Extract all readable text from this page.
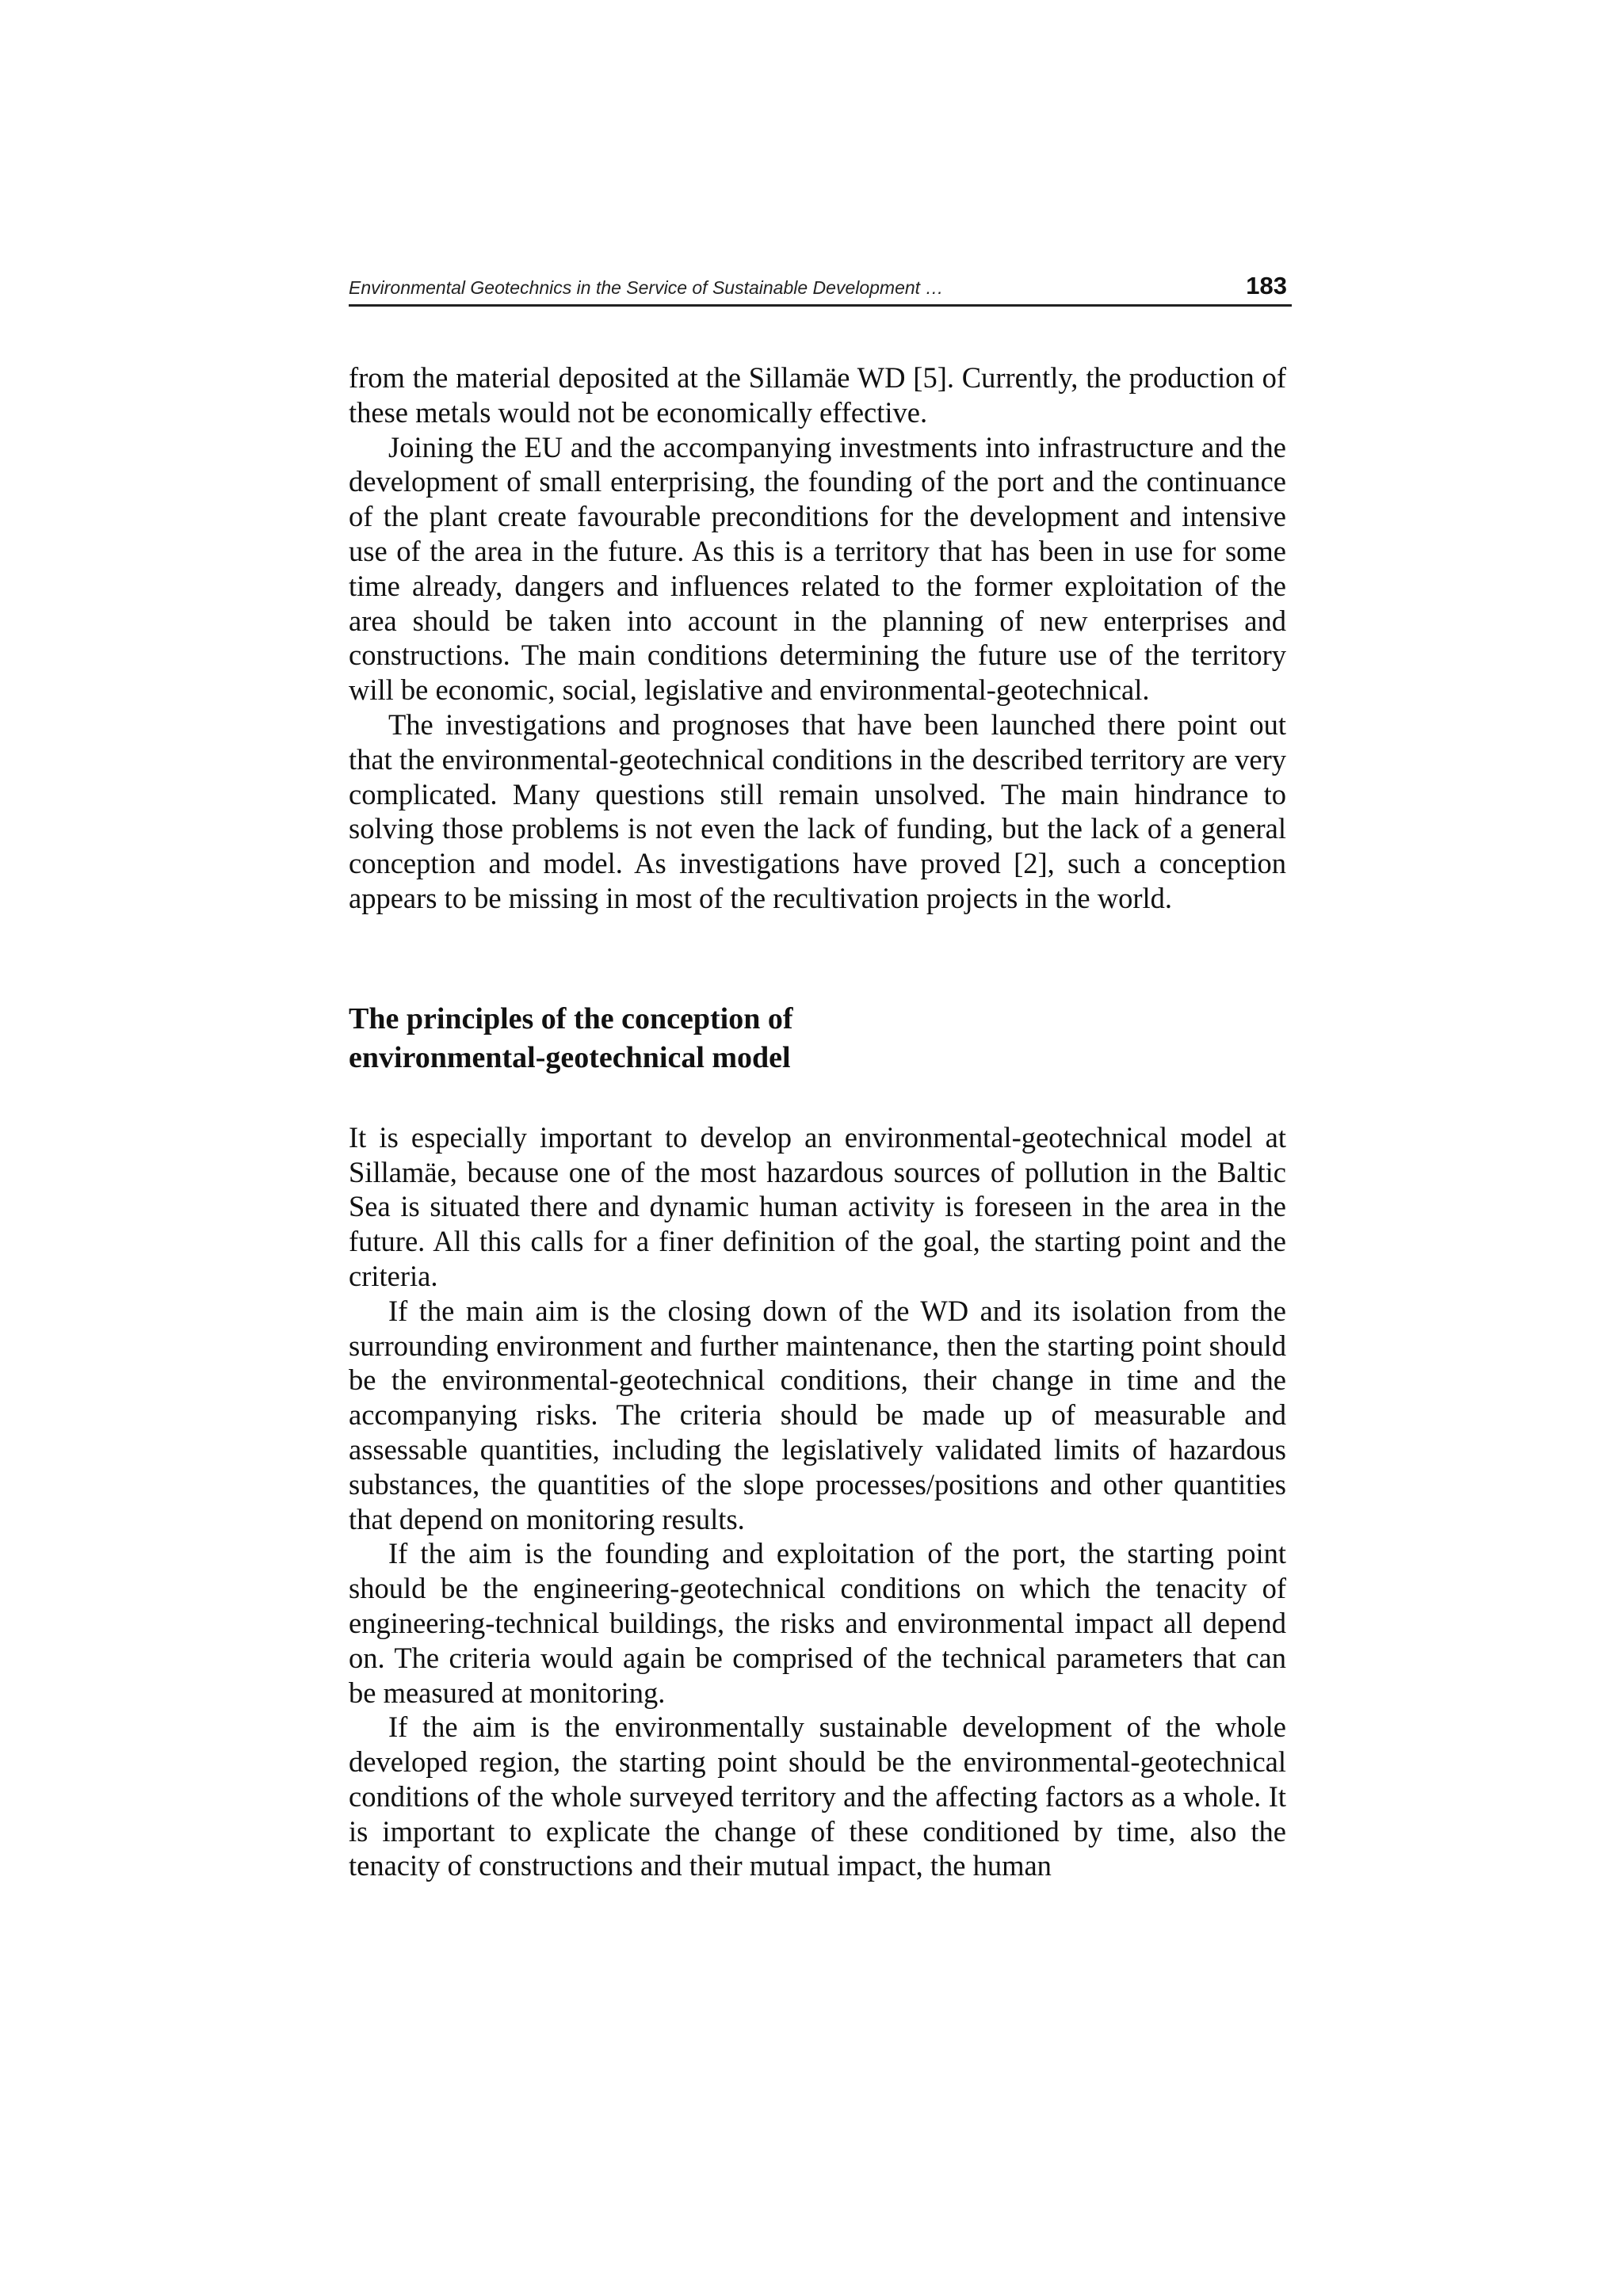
Environmental Geotechnics in the Service of Sustainable Development …	183

from the material deposited at the Sillamäe WD [5]. Currently, the production of these metals would not be economically effective.

Joining the EU and the accompanying investments into infrastructure and the development of small enterprising, the founding of the port and the continuance of the plant create favourable preconditions for the development and intensive use of the area in the future. As this is a territory that has been in use for some time already, dangers and influences related to the former exploitation of the area should be taken into account in the planning of new enterprises and constructions. The main conditions determining the future use of the territory will be economic, social, legislative and environmental-geotechnical.

The investigations and prognoses that have been launched there point out that the environmental-geotechnical conditions in the described territory are very complicated. Many questions still remain unsolved. The main hindrance to solving those problems is not even the lack of funding, but the lack of a general conception and model. As investigations have proved [2], such a conception appears to be missing in most of the recultivation projects in the world.

The principles of the conception of environmental-geotechnical model

It is especially important to develop an environmental-geotechnical model at Sillamäe, because one of the most hazardous sources of pollution in the Baltic Sea is situated there and dynamic human activity is foreseen in the area in the future. All this calls for a finer definition of the goal, the starting point and the criteria.

If the main aim is the closing down of the WD and its isolation from the surrounding environment and further maintenance, then the starting point should be the environmental-geotechnical conditions, their change in time and the accompanying risks. The criteria should be made up of measurable and assessable quantities, including the legislatively validated limits of hazardous substances, the quantities of the slope processes/positions and other quantities that depend on monitoring results.

If the aim is the founding and exploitation of the port, the starting point should be the engineering-geotechnical conditions on which the tenacity of engineering-technical buildings, the risks and environmental impact all depend on. The criteria would again be comprised of the technical parameters that can be measured at monitoring.

If the aim is the environmentally sustainable development of the whole developed region, the starting point should be the environmental-geotechnical conditions of the whole surveyed territory and the affecting factors as a whole. It is important to explicate the change of these conditioned by time, also the tenacity of constructions and their mutual impact, the human
